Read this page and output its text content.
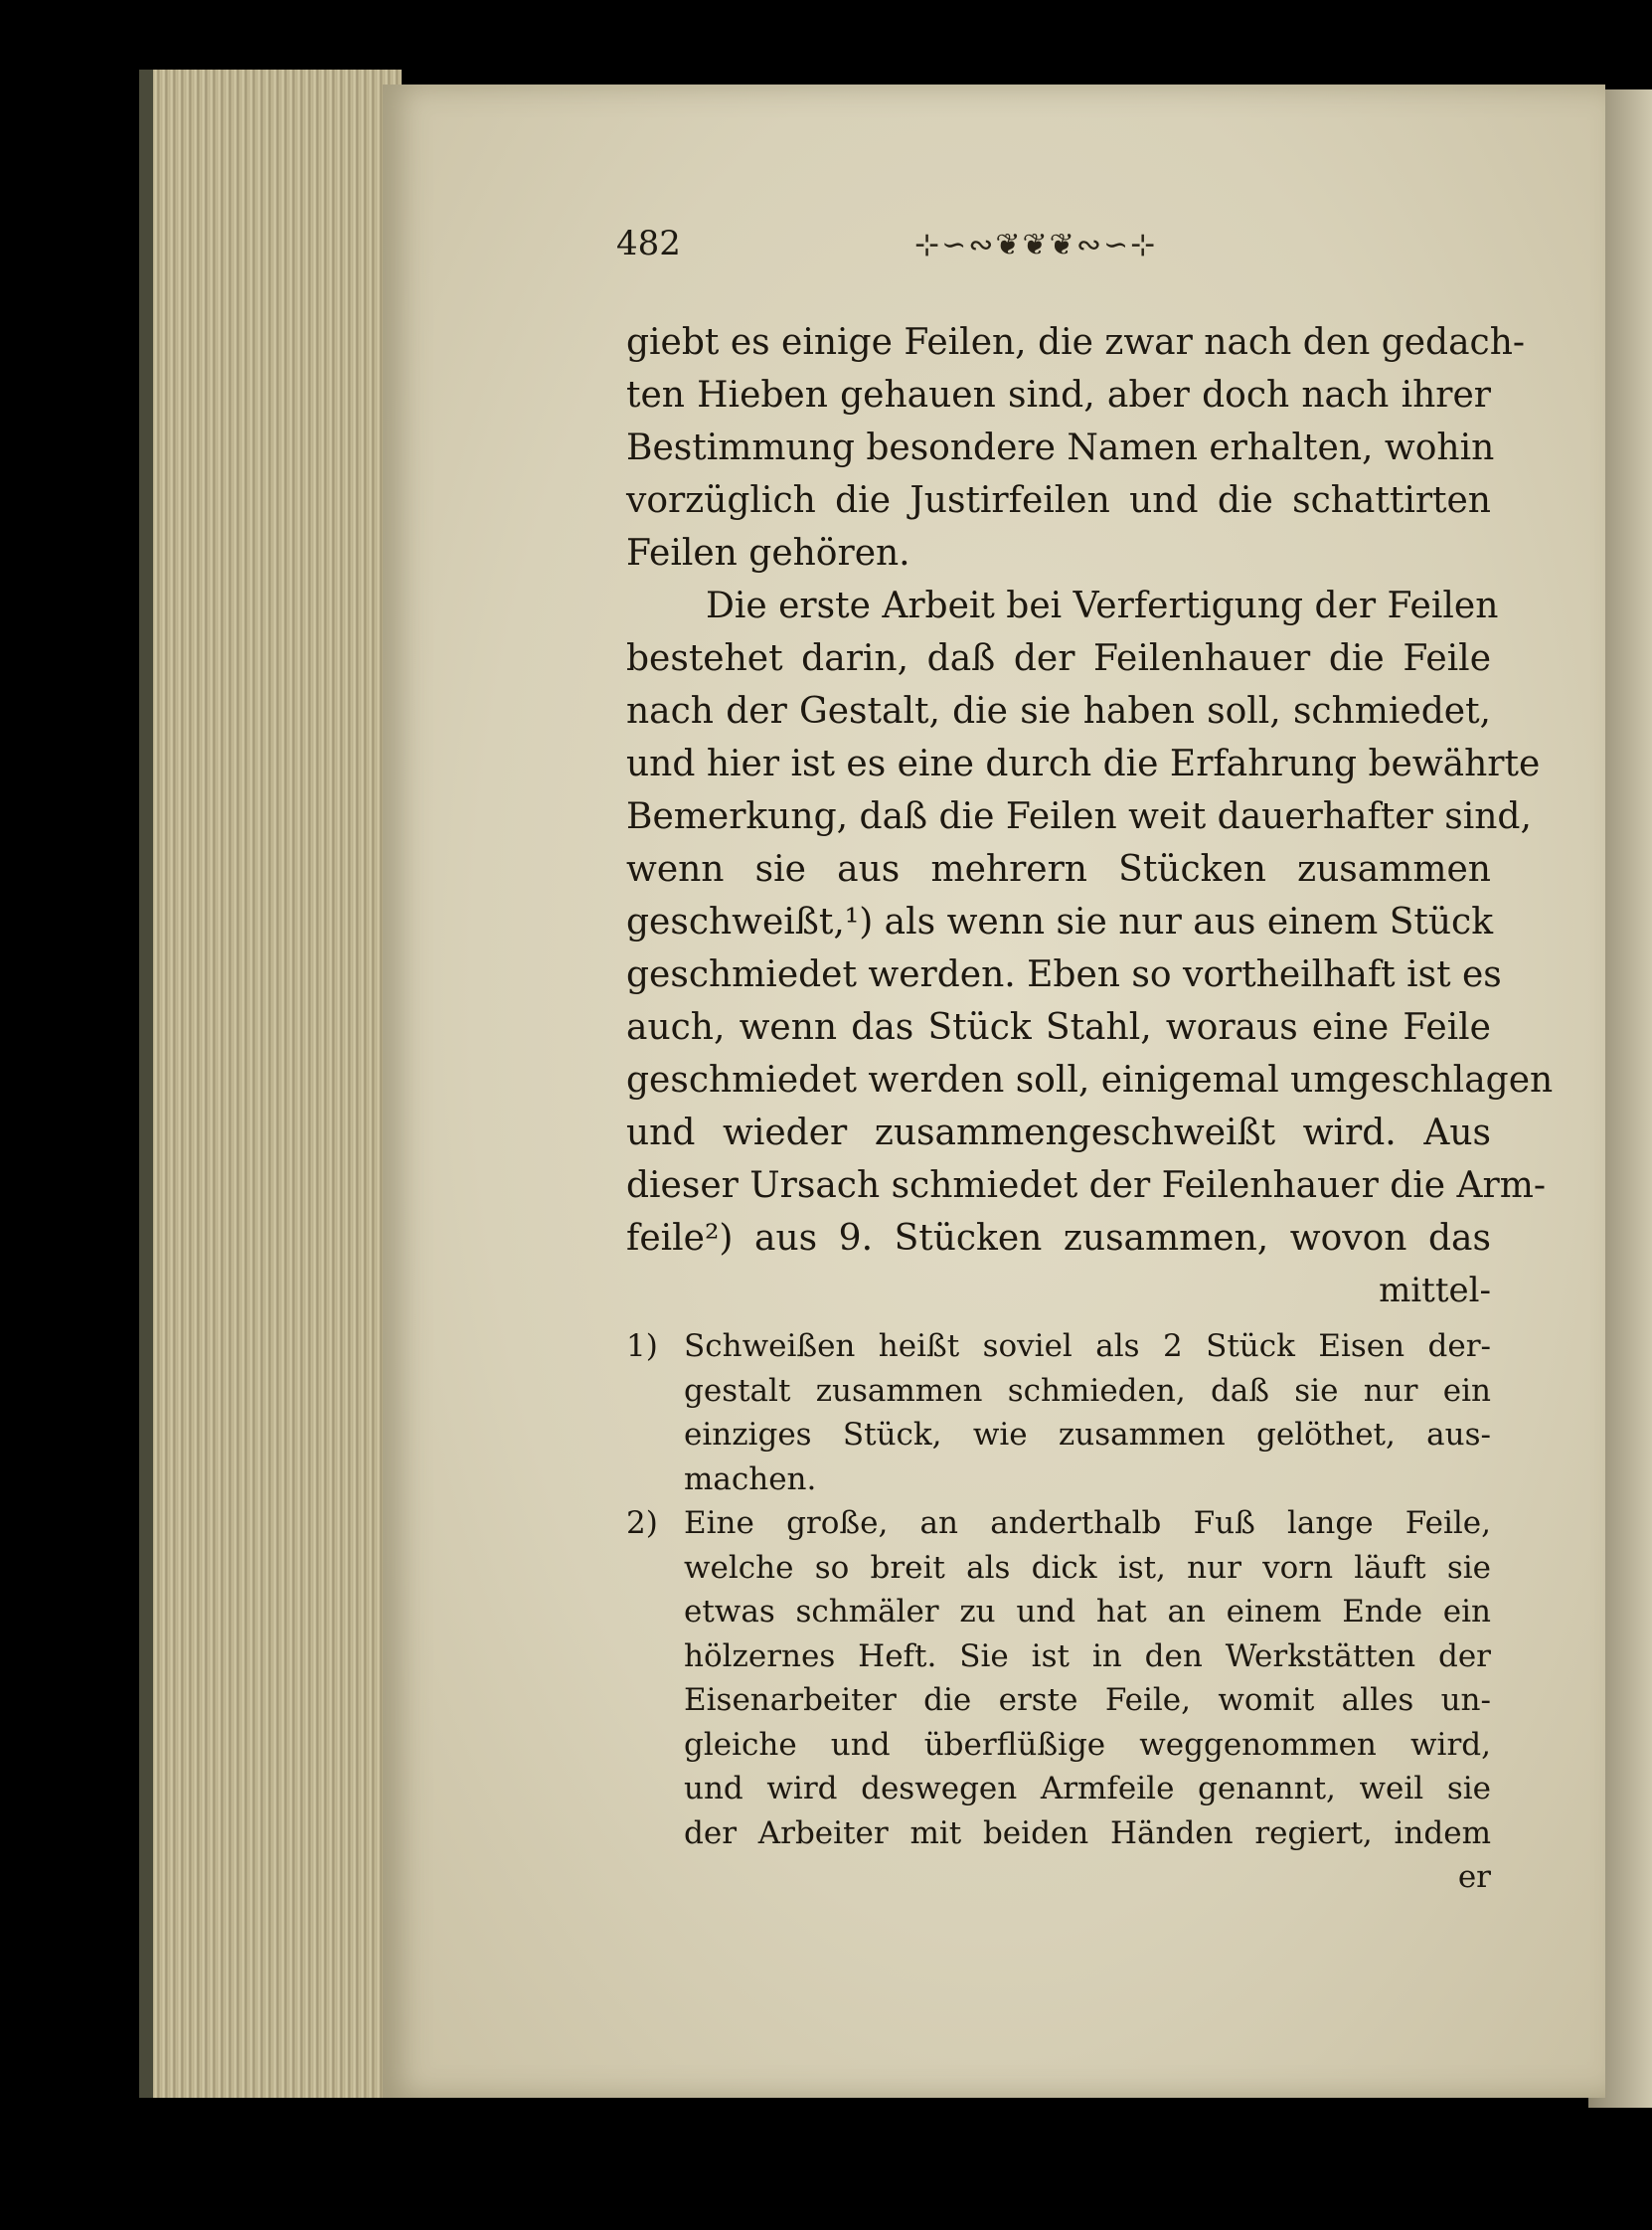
482	⊹∽∾❦❦❦∾∽⊹
giebt es einige Feilen, die zwar nach den gedach-
ten Hieben gehauen sind, aber doch nach ihrer
Bestimmung besondere Namen erhalten, wohin
vorzüglich die Justirfeilen und die schattirten
Feilen gehören.
Die erste Arbeit bei Verfertigung der Feilen
bestehet darin, daß der Feilenhauer die Feile
nach der Gestalt, die sie haben soll, schmiedet,
und hier ist es eine durch die Erfahrung bewährte
Bemerkung, daß die Feilen weit dauerhafter sind,
wenn sie aus mehrern Stücken zusammen
geschweißt,¹) als wenn sie nur aus einem Stück
geschmiedet werden. Eben so vortheilhaft ist es
auch, wenn das Stück Stahl, woraus eine Feile
geschmiedet werden soll, einigemal umgeschlagen
und wieder zusammengeschweißt wird. Aus
dieser Ursach schmiedet der Feilenhauer die Arm-
feile²) aus 9. Stücken zusammen, wovon das
mittel-
1) Schweißen heißt soviel als 2 Stück Eisen der-
gestalt zusammen schmieden, daß sie nur ein
einziges Stück, wie zusammen gelöthet, aus-
machen.
2) Eine große, an anderthalb Fuß lange Feile,
welche so breit als dick ist, nur vorn läuft sie
etwas schmäler zu und hat an einem Ende ein
hölzernes Heft. Sie ist in den Werkstätten der
Eisenarbeiter die erste Feile, womit alles un-
gleiche und überflüßige weggenommen wird,
und wird deswegen Armfeile genannt, weil sie
der Arbeiter mit beiden Händen regiert, indem
er
